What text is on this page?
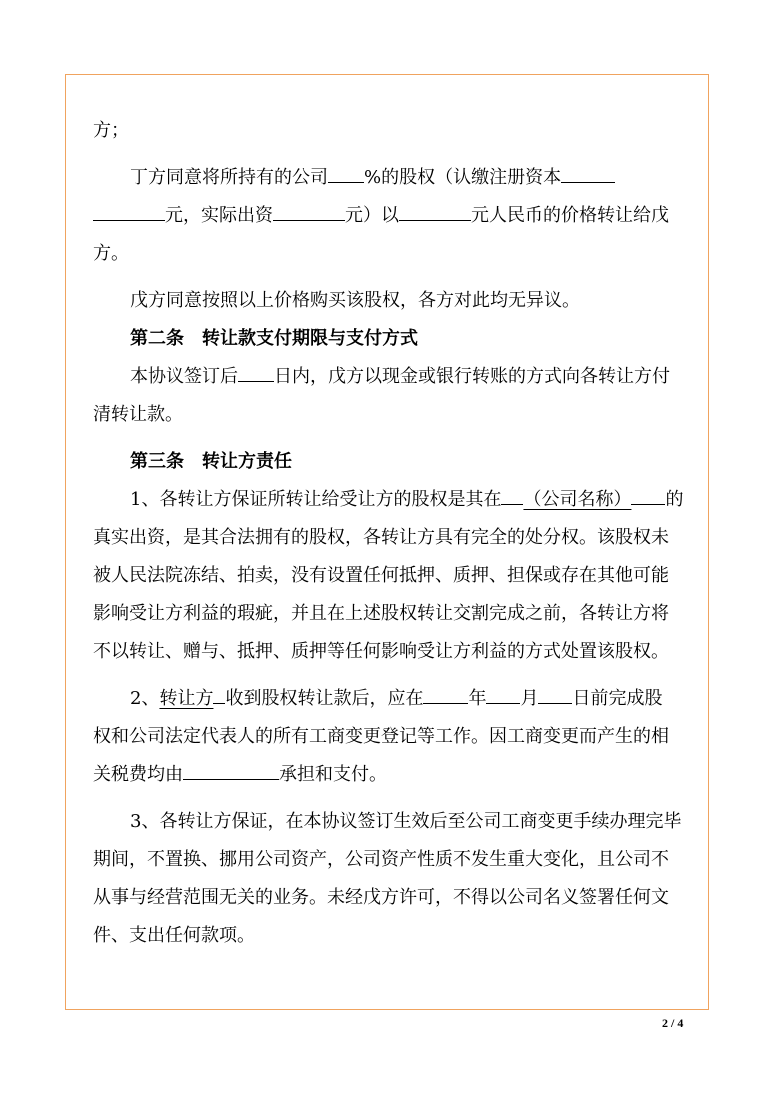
方；
丁方同意将所持有的公司 %的股权（认缴注册资本
元，实际出资	元）以	元人民币的价格转让给戊
方。
戊方同意按照以上价格购买该股权，各方对此均无异议。
第二条　转让款支付期限与支付方式
本协议签订后 日内，戊方以现金或银行转账的方式向各转让方付
清转让款。
第三条　转让方责任
1、各转让方保证所转让给受让方的股权是其在 （公司名称） 的
真实出资，是其合法拥有的股权，各转让方具有完全的处分权。该股权未
被人民法院冻结、拍卖，没有设置任何抵押、质押、担保或存在其他可能
影响受让方利益的瑕疵，并且在上述股权转让交割完成之前，各转让方将
不以转让、赠与、抵押、质押等任何影响受让方利益的方式处置该股权。
2、转让方 收到股权转让款后，应在	年 月 日前完成股
权和公司法定代表人的所有工商变更登记等工作。因工商变更而产生的相
关税费均由	承担和支付。
3、各转让方保证，在本协议签订生效后至公司工商变更手续办理完毕
期间，不置换、挪用公司资产，公司资产性质不发生重大变化，且公司不
从事与经营范围无关的业务。未经戊方许可，不得以公司名义签署任何文
件、支出任何款项。
2 / 4
